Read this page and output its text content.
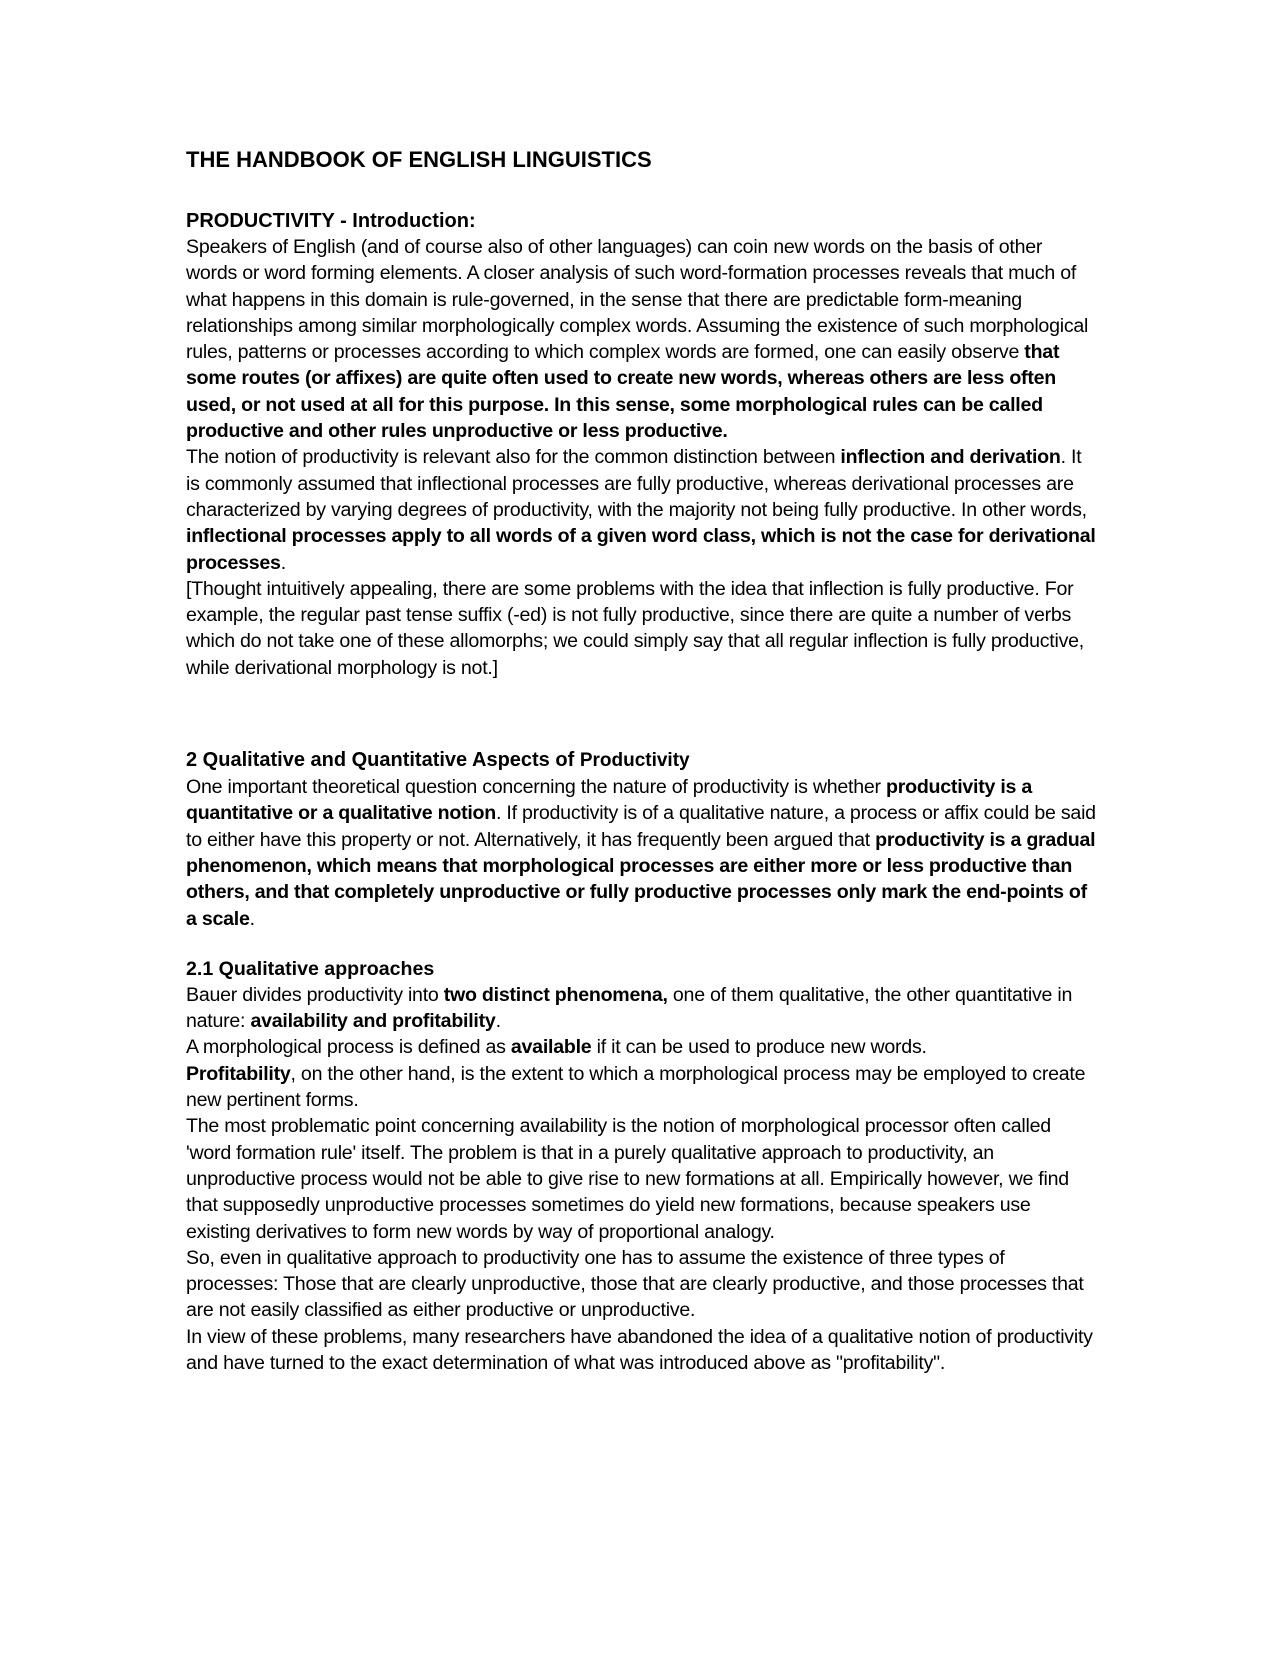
THE HANDBOOK OF ENGLISH LINGUISTICS
PRODUCTIVITY - Introduction:

Speakers of English (and of course also of other languages) can coin new words on the basis of other words or word forming elements. A closer analysis of such word-formation processes reveals that much of what happens in this domain is rule-governed, in the sense that there are predictable form-meaning relationships among similar morphologically complex words. Assuming the existence of such morphological rules, patterns or processes according to which complex words are formed, one can easily observe that some routes (or affixes) are quite often used to create new words, whereas others are less often used, or not used at all for this purpose. In this sense, some morphological rules can be called productive and other rules unproductive or less productive.

The notion of productivity is relevant also for the common distinction between inflection and derivation. It is commonly assumed that inflectional processes are fully productive, whereas derivational processes are characterized by varying degrees of productivity, with the majority not being fully productive. In other words, inflectional processes apply to all words of a given word class, which is not the case for derivational processes.

[Thought intuitively appealing, there are some problems with the idea that inflection is fully productive. For example, the regular past tense suffix (-ed) is not fully productive, since there are quite a number of verbs which do not take one of these allomorphs; we could simply say that all regular inflection is fully productive, while derivational morphology is not.]

2 Qualitative and Quantitative Aspects of Productivity

One important theoretical question concerning the nature of productivity is whether productivity is a quantitative or a qualitative notion. If productivity is of a qualitative nature, a process or affix could be said to either have this property or not. Alternatively, it has frequently been argued that productivity is a gradual phenomenon, which means that morphological processes are either more or less productive than others, and that completely unproductive or fully productive processes only mark the end-points of a scale.

2.1 Qualitative approaches

Bauer divides productivity into two distinct phenomena, one of them qualitative, the other quantitative in nature: availability and profitability.

A morphological process is defined as available if it can be used to produce new words.

Profitability, on the other hand, is the extent to which a morphological process may be employed to create new pertinent forms.

The most problematic point concerning availability is the notion of morphological processor often called 'word formation rule' itself. The problem is that in a purely qualitative approach to productivity, an unproductive process would not be able to give rise to new formations at all. Empirically however, we find that supposedly unproductive processes sometimes do yield new formations, because speakers use existing derivatives to form new words by way of proportional analogy.

So, even in qualitative approach to productivity one has to assume the existence of three types of processes: Those that are clearly unproductive, those that are clearly productive, and those processes that are not easily classified as either productive or unproductive.

In view of these problems, many researchers have abandoned the idea of a qualitative notion of productivity and have turned to the exact determination of what was introduced above as "profitability".
